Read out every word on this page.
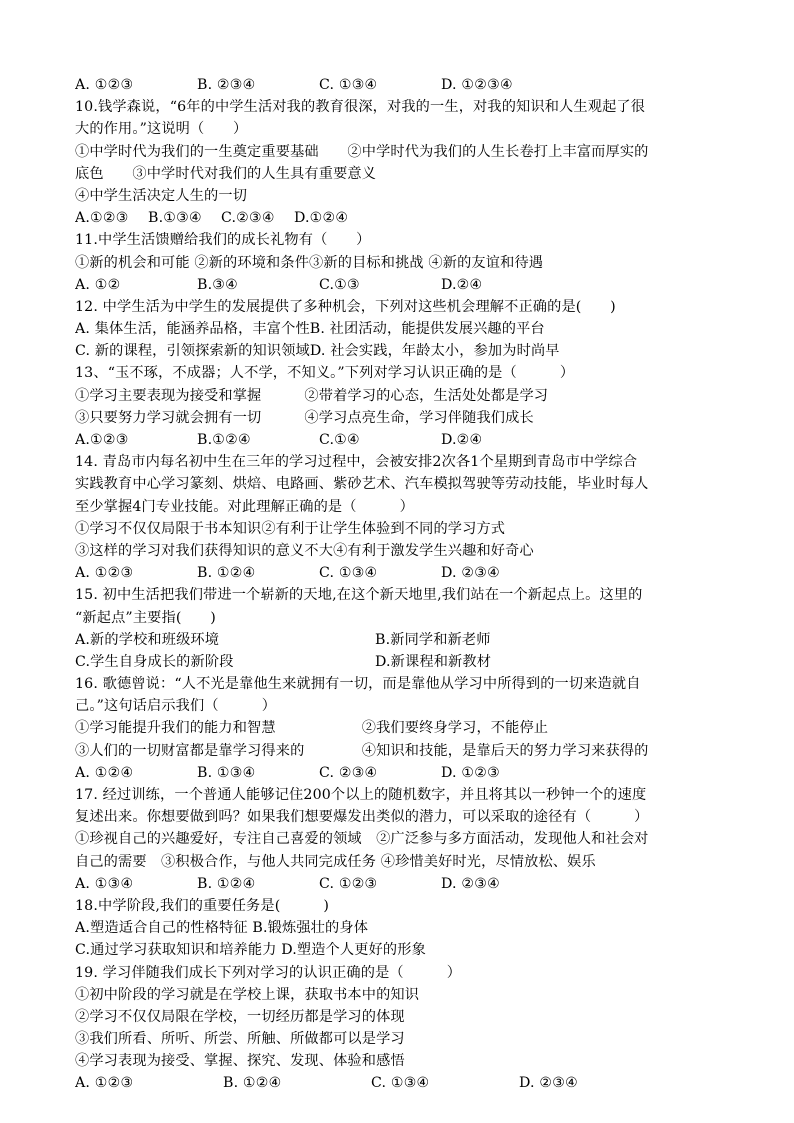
A. ①②③	B. ②③④	C. ①③④	D. ①②③④
10.钱学森说，“6年的中学生活对我的教育很深，对我的一生，对我的知识和人生观起了很
大的作用。”这说明（　　）
①中学时代为我们的一生奠定重要基础　　②中学时代为我们的人生长卷打上丰富而厚实的
底色　　③中学时代对我们的人生具有重要意义
④中学生活决定人生的一切
A.①②③	B.①③④	C.②③④	D.①②④
11.中学生活馈赠给我们的成长礼物有（　　）
①新的机会和可能 ②新的环境和条件③新的目标和挑战 ④新的友谊和待遇
A. ①②	B.③④	C.①③	D.②④
12. 中学生活为中学生的发展提供了多种机会，下列对这些机会理解不正确的是(　　)
A. 集体生活，能涵养品格，丰富个性B. 社团活动，能提供发展兴趣的平台
C. 新的课程，引领探索新的知识领域D. 社会实践，年龄太小，参加为时尚早
13、“玉不琢，不成器；人不学，不知义。”下列对学习认识正确的是（　　　）
①学习主要表现为接受和掌握　　　②带着学习的心态，生活处处都是学习
③只要努力学习就会拥有一切　　　④学习点亮生命，学习伴随我们成长
A.①②③	B.①②④	C.①④	D.②④
14. 青岛市内每名初中生在三年的学习过程中，会被安排2次各1个星期到青岛市中学综合
实践教育中心学习篆刻、烘焙、电路画、紫砂艺术、汽车模拟驾驶等劳动技能，毕业时每人
至少掌握4门专业技能。对此理解正确的是（　　　）
①学习不仅仅局限于书本知识②有利于让学生体验到不同的学习方式
③这样的学习对我们获得知识的意义不大④有利于激发学生兴趣和好奇心
A. ①②③	B. ①②④	C. ①③④	D. ②③④
15. 初中生活把我们带进一个崭新的天地,在这个新天地里,我们站在一个新起点上。这里的
“新起点”主要指(　　)
A.新的学校和班级环境	B.新同学和新老师
C.学生自身成长的新阶段	D.新课程和新教材
16. 歌德曾说：“人不光是靠他生来就拥有一切，而是靠他从学习中所得到的一切来造就自
己。”这句话启示我们（　　　）
①学习能提升我们的能力和智慧　　　　　　②我们要终身学习，不能停止
③人们的一切财富都是靠学习得来的　　　　④知识和技能，是靠后天的努力学习来获得的
A. ①②④	B. ①③④	C. ②③④	D. ①②③
17. 经过训练，一个普通人能够记住200个以上的随机数字，并且将其以一秒钟一个的速度
复述出来。你想要做到吗？如果我们想要爆发出类似的潜力，可以采取的途径有（　　　）
①珍视自己的兴趣爱好，专注自己喜爱的领域　②广泛参与多方面活动，发现他人和社会对
自己的需要　③积极合作，与他人共同完成任务 ④珍惜美好时光，尽情放松、娱乐
A. ①③④	B. ①②④	C. ①②③	D. ②③④
18.中学阶段,我们的重要任务是(　　　)
A.塑造适合自己的性格特征 B.锻炼强壮的身体
C.通过学习获取知识和培养能力 D.塑造个人更好的形象
19. 学习伴随我们成长下列对学习的认识正确的是（　　　）
①初中阶段的学习就是在学校上课，获取书本中的知识
②学习不仅仅局限在学校，一切经历都是学习的体现
③我们所看、所听、所尝、所触、所做都可以是学习
④学习表现为接受、掌握、探究、发现、体验和感悟
A. ①②③	B. ①②④	C. ①③④	D. ②③④
